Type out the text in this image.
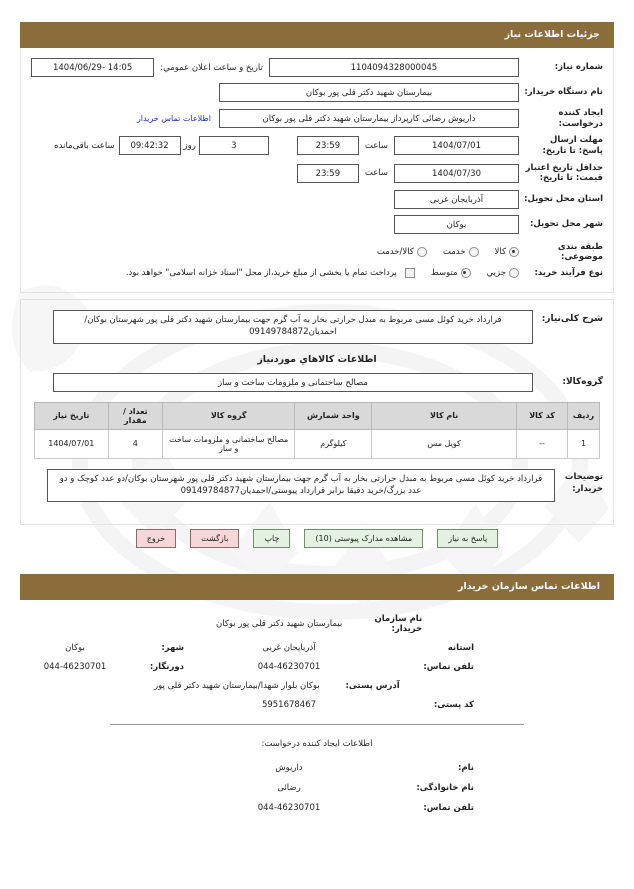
جزئیات اطلاعات نیاز
شماره نياز:
1104094328000045
تاریخ و ساعت اعلان عمومي:
14:05 -1404/06/29
نام دستگاه خریدار:
بیمارستان شهید دکتر قلی پور بوکان
ایجاد کننده درخواست:
داریوش رضائی کارپرداز بیمارستان شهید دکتر قلی پور بوکان
اطلاعات تماس خریدار
مهلت ارسال پاسخ: تا تاریخ:
1404/07/01
ساعت
23:59
3
روز
09:42:32
ساعت باقی‌مانده
حداقل تاریخ اعتبار قیمت: تا تاریخ:
1404/07/30
ساعت
23:59
استان محل تحویل:
آذربایجان غربی
شهر محل تحویل:
بوکان
طبقه بندی موضوعی:
کالا
خدمت
کالا/خدمت
نوع فرآیند خرید:
جزيي
متوسط
پرداخت تمام یا بخشی از مبلغ خرید،از محل "اسناد خزانه اسلامی" خواهد بود.
شرح کلی‌نیاز:
قرارداد خرید کوئل مسی مربوط به مبدل حرارتی بخار به آب گرم جهت بیمارستان شهید دکتر قلی پور شهرستان بوکان/احمدیان09149784872
اطلاعات کالاهاي موردنياز
گروه‌کالا:
مصالح ساختمانی و ملزومات ساخت و ساز
ردیف	کد کالا	نام کالا	واحد شمارش	گروه کالا	تعداد / مقدار	تاریخ نیاز
1	--	کویل مس	کیلوگرم	مصالح ساختمانی و ملزومات ساخت و ساز	4	1404/07/01
توضیحات خریدار:
قرارداد خرید کوئل مسی مربوط به مبدل حرارتی بخار به آب گرم جهت بیمارستان شهید دکتر قلی پور شهرستان بوکان/دو عدد کوچک و دو عدد بزرگ/خرید دقیقا برابر قرارداد پیوستی/احمدیان09149784877
پاسخ به نیاز
مشاهده مدارک پیوستی (10)
چاپ
بازگشت
خروج
اطلاعات تماس سازمان خریدار
نام سازمان خریدار:
بیمارستان شهید دکتر قلی پور بوکان
استانه
آذربایجان غربی
شهر:
بوکان
تلفن تماس:
044-46230701
دورنگار:
044-46230701
آدرس پستی:
بوکان بلوار شهدا/بیمارستان شهید دکتر قلی پور
کد پستی:
5951678467
اطلاعات ایجاد کننده درخواست:
نام:
داریوش
نام خانوادگی:
رضائی
تلفن تماس:
044-46230701
